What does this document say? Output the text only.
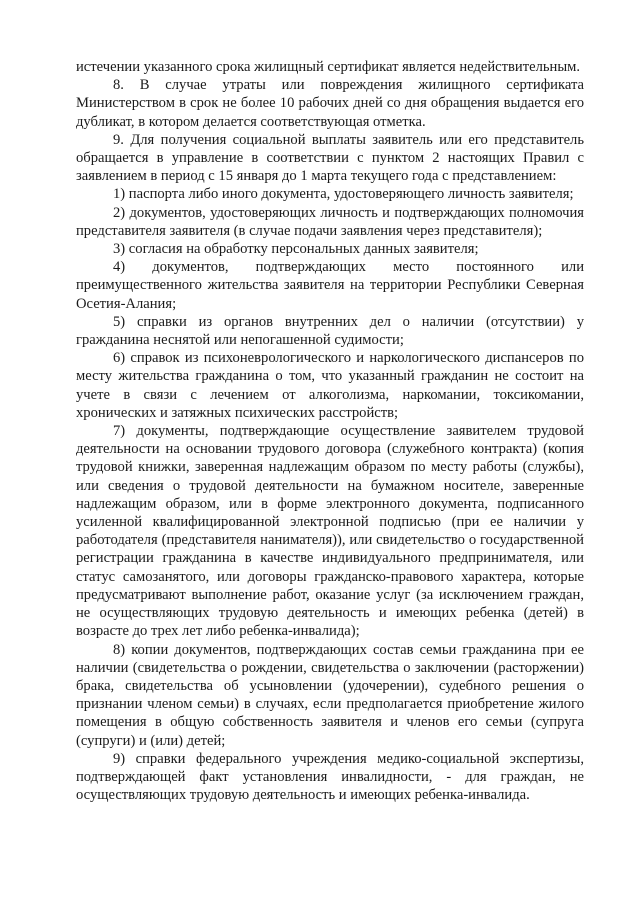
истечении указанного срока жилищный сертификат является недействительным.

8. В случае утраты или повреждения жилищного сертификата Министерством в срок не более 10 рабочих дней со дня обращения выдается его дубликат, в котором делается соответствующая отметка.

9. Для получения социальной выплаты заявитель или его представитель обращается в управление в соответствии с пунктом 2 настоящих Правил с заявлением в период с 15 января до 1 марта текущего года с представлением:

1) паспорта либо иного документа, удостоверяющего личность заявителя;

2) документов, удостоверяющих личность и подтверждающих полномочия представителя заявителя (в случае подачи заявления через представителя);

3) согласия на обработку персональных данных заявителя;

4) документов, подтверждающих место постоянного или преимущественного жительства заявителя на территории Республики Северная Осетия-Алания;

5) справки из органов внутренних дел о наличии (отсутствии) у гражданина неснятой или непогашенной судимости;

6) справок из психоневрологического и наркологического диспансеров по месту жительства гражданина о том, что указанный гражданин не состоит на учете в связи с лечением от алкоголизма, наркомании, токсикомании, хронических и затяжных психических расстройств;

7) документы, подтверждающие осуществление заявителем трудовой деятельности на основании трудового договора (служебного контракта) (копия трудовой книжки, заверенная надлежащим образом по месту работы (службы), или сведения о трудовой деятельности на бумажном носителе, заверенные надлежащим образом, или в форме электронного документа, подписанного усиленной квалифицированной электронной подписью (при ее наличии у работодателя (представителя нанимателя)), или свидетельство о государственной регистрации гражданина в качестве индивидуального предпринимателя, или статус самозанятого, или договоры гражданско-правового характера, которые предусматривают выполнение работ, оказание услуг (за исключением граждан, не осуществляющих трудовую деятельность и имеющих ребенка (детей) в возрасте до трех лет либо ребенка-инвалида);

8) копии документов, подтверждающих состав семьи гражданина при ее наличии (свидетельства о рождении, свидетельства о заключении (расторжении) брака, свидетельства об усыновлении (удочерении), судебного решения о признании членом семьи) в случаях, если предполагается приобретение жилого помещения в общую собственность заявителя и членов его семьи (супруга (супруги) и (или) детей;

9) справки федерального учреждения медико-социальной экспертизы, подтверждающей факт установления инвалидности, - для граждан, не осуществляющих трудовую деятельность и имеющих ребенка-инвалида.
